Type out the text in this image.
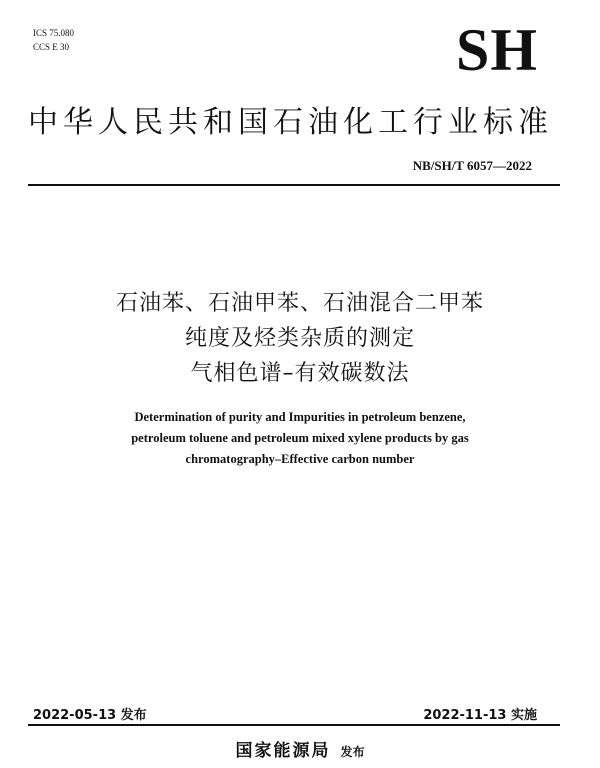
ICS 75.080
CCS E 30	SH
中华人民共和国石油化工行业标准
NB/SH/T 6057—2022
石油苯、石油甲苯、石油混合二甲苯
纯度及烃类杂质的测定
气相色谱–有效碳数法
Determination of purity and Impurities in petroleum benzene,
petroleum toluene and petroleum mixed xylene products by gas
chromatography–Effective carbon number
2022-05-13 发布	2022-11-13 实施
国家能源局 发布
